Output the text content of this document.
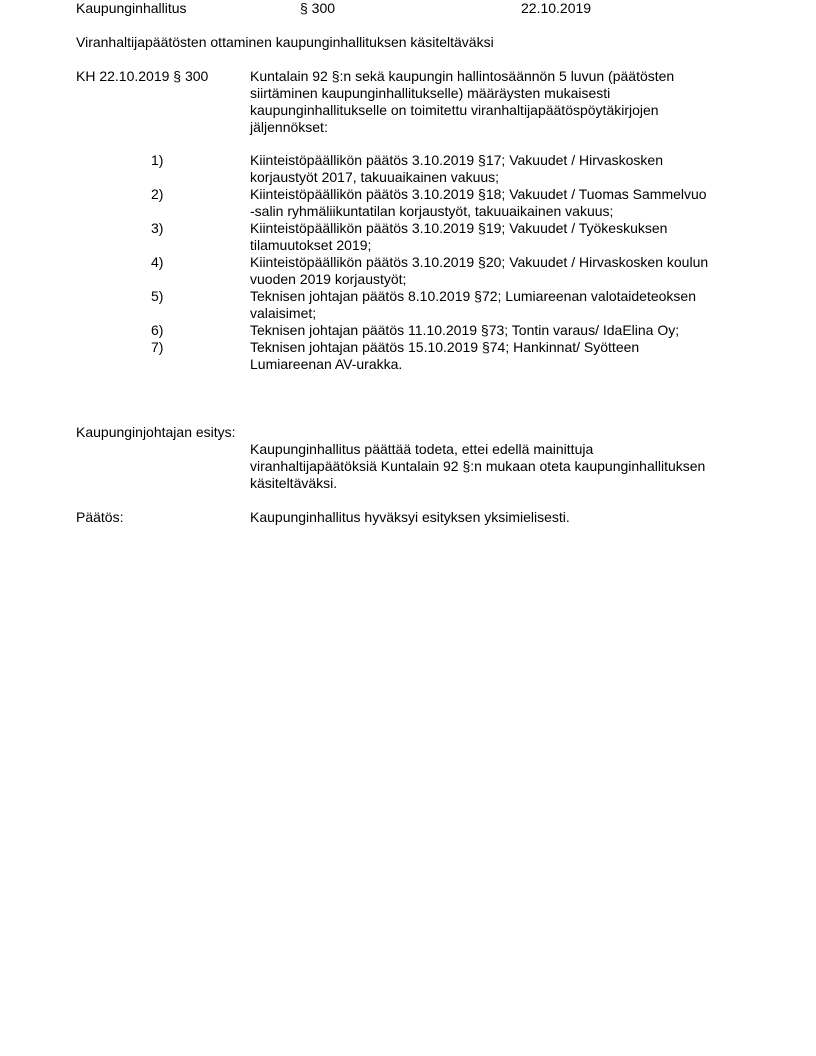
Kaupunginhallitus	§ 300	22.10.2019
Viranhaltijapäätösten ottaminen kaupunginhallituksen käsiteltäväksi
KH 22.10.2019 § 300	Kuntalain 92 §:n sekä kaupungin hallintosäännön 5 luvun (päätösten
siirtäminen kaupunginhallitukselle) määräysten mukaisesti
kaupunginhallitukselle on toimitettu viranhaltijapäätöspöytäkirjojen
jäljennökset:
1)	Kiinteistöpäällikön päätös 3.10.2019 §17; Vakuudet / Hirvaskosken
korjaustyöt 2017, takuuaikainen vakuus;
2)	Kiinteistöpäällikön päätös 3.10.2019 §18; Vakuudet / Tuomas Sammelvuo
-salin ryhmäliikuntatilan korjaustyöt, takuuaikainen vakuus;
3)	Kiinteistöpäällikön päätös 3.10.2019 §19; Vakuudet / Työkeskuksen
tilamuutokset 2019;
4)	Kiinteistöpäällikön päätös 3.10.2019 §20; Vakuudet / Hirvaskosken koulun
vuoden 2019 korjaustyöt;
5)	Teknisen johtajan päätös 8.10.2019 §72; Lumiareenan valotaideteoksen
valaisimet;
6)	Teknisen johtajan päätös 11.10.2019 §73; Tontin varaus/ IdaElina Oy;
7)	Teknisen johtajan päätös 15.10.2019 §74; Hankinnat/ Syötteen
Lumiareenan AV-urakka.
Kaupunginjohtajan esitys:
Kaupunginhallitus päättää todeta, ettei edellä mainittuja
viranhaltijapäätöksiä Kuntalain 92 §:n mukaan oteta kaupunginhallituksen
käsiteltäväksi.
Päätös:	Kaupunginhallitus hyväksyi esityksen yksimielisesti.
